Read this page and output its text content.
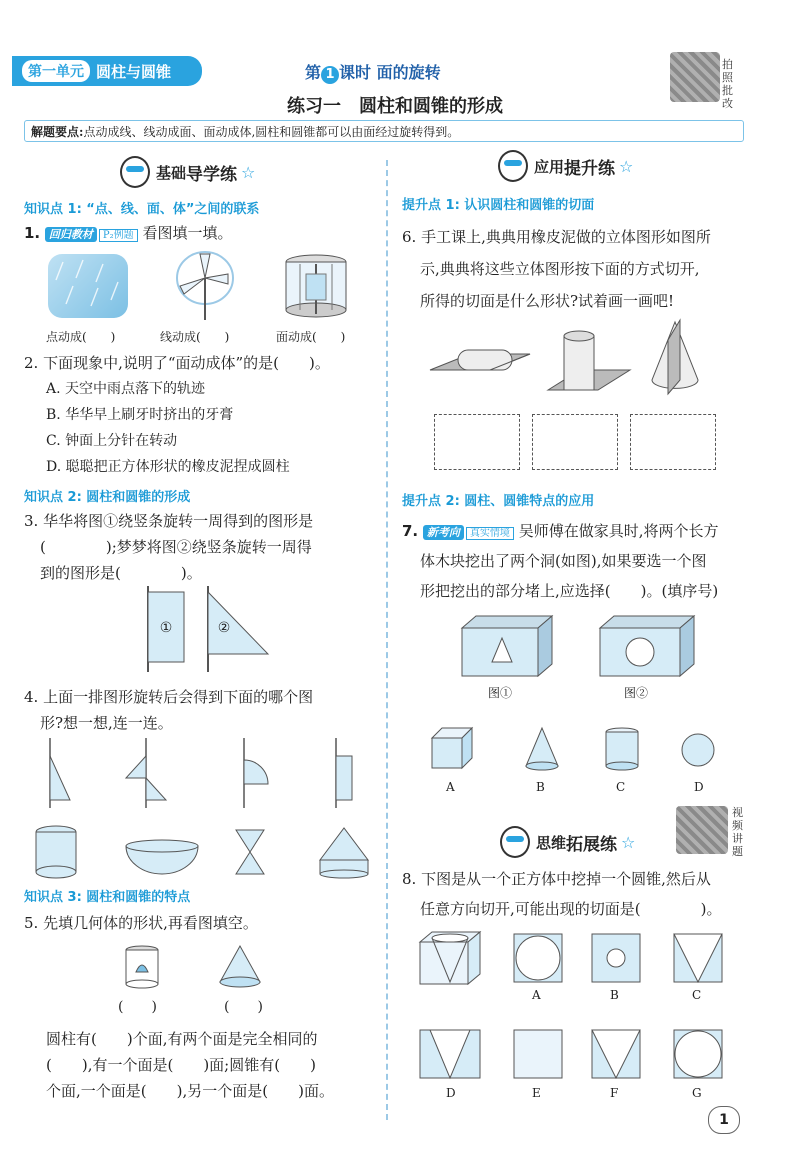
第一单元 圆柱与圆锥	第 1 课时 面的旋转	拍照批改
练习一　圆柱和圆锥的形成
解题要点:点动成线、线动成面、面动成体,圆柱和圆锥都可以由面经过旋转得到。
基础 导学练 ☆
知识点 1: “点、线、面、体”之间的联系
1. 回归教材 P₂例题 看图填一填。
点动成(　　)	线动成(　　)	面动成(　　)
2. 下面现象中,说明了“面动成体”的是(　　)。
A. 天空中雨点落下的轨迹
B. 华华早上刷牙时挤出的牙膏
C. 钟面上分针在转动
D. 聪聪把正方体形状的橡皮泥捏成圆柱
知识点 2: 圆柱和圆锥的形成
3. 华华将图①绕竖条旋转一周得到的图形是
(　　　　);梦梦将图②绕竖条旋转一周得
到的图形是(　　　　)。
①	②
4. 上面一排图形旋转后会得到下面的哪个图
形?想一想,连一连。
知识点 3: 圆柱和圆锥的特点
5. 先填几何体的形状,再看图填空。
(　　)	(　　)
圆柱有(　　)个面,有两个面是完全相同的
(　　),有一个面是(　　)面;圆锥有(　　)
个面,一个面是(　　),另一个面是(　　)面。
应用 提升练 ☆
提升点 1: 认识圆柱和圆锥的切面
6. 手工课上,典典用橡皮泥做的立体图形如图所
示,典典将这些立体图形按下面的方式切开,
所得的切面是什么形状?试着画一画吧!
提升点 2: 圆柱、圆锥特点的应用
7. 新考向 真实情境 吴师傅在做家具时,将两个长方
体木块挖出了两个洞(如图),如果要选一个图
形把挖出的部分堵上,应选择(　　)。(填序号)
图①	图②
A	B	C	D
视频讲题
思维 拓展练 ☆
8. 下图是从一个正方体中挖掉一个圆锥,然后从
任意方向切开,可能出现的切面是(　　　　)。
A	B	C
D	E	F	G
1
